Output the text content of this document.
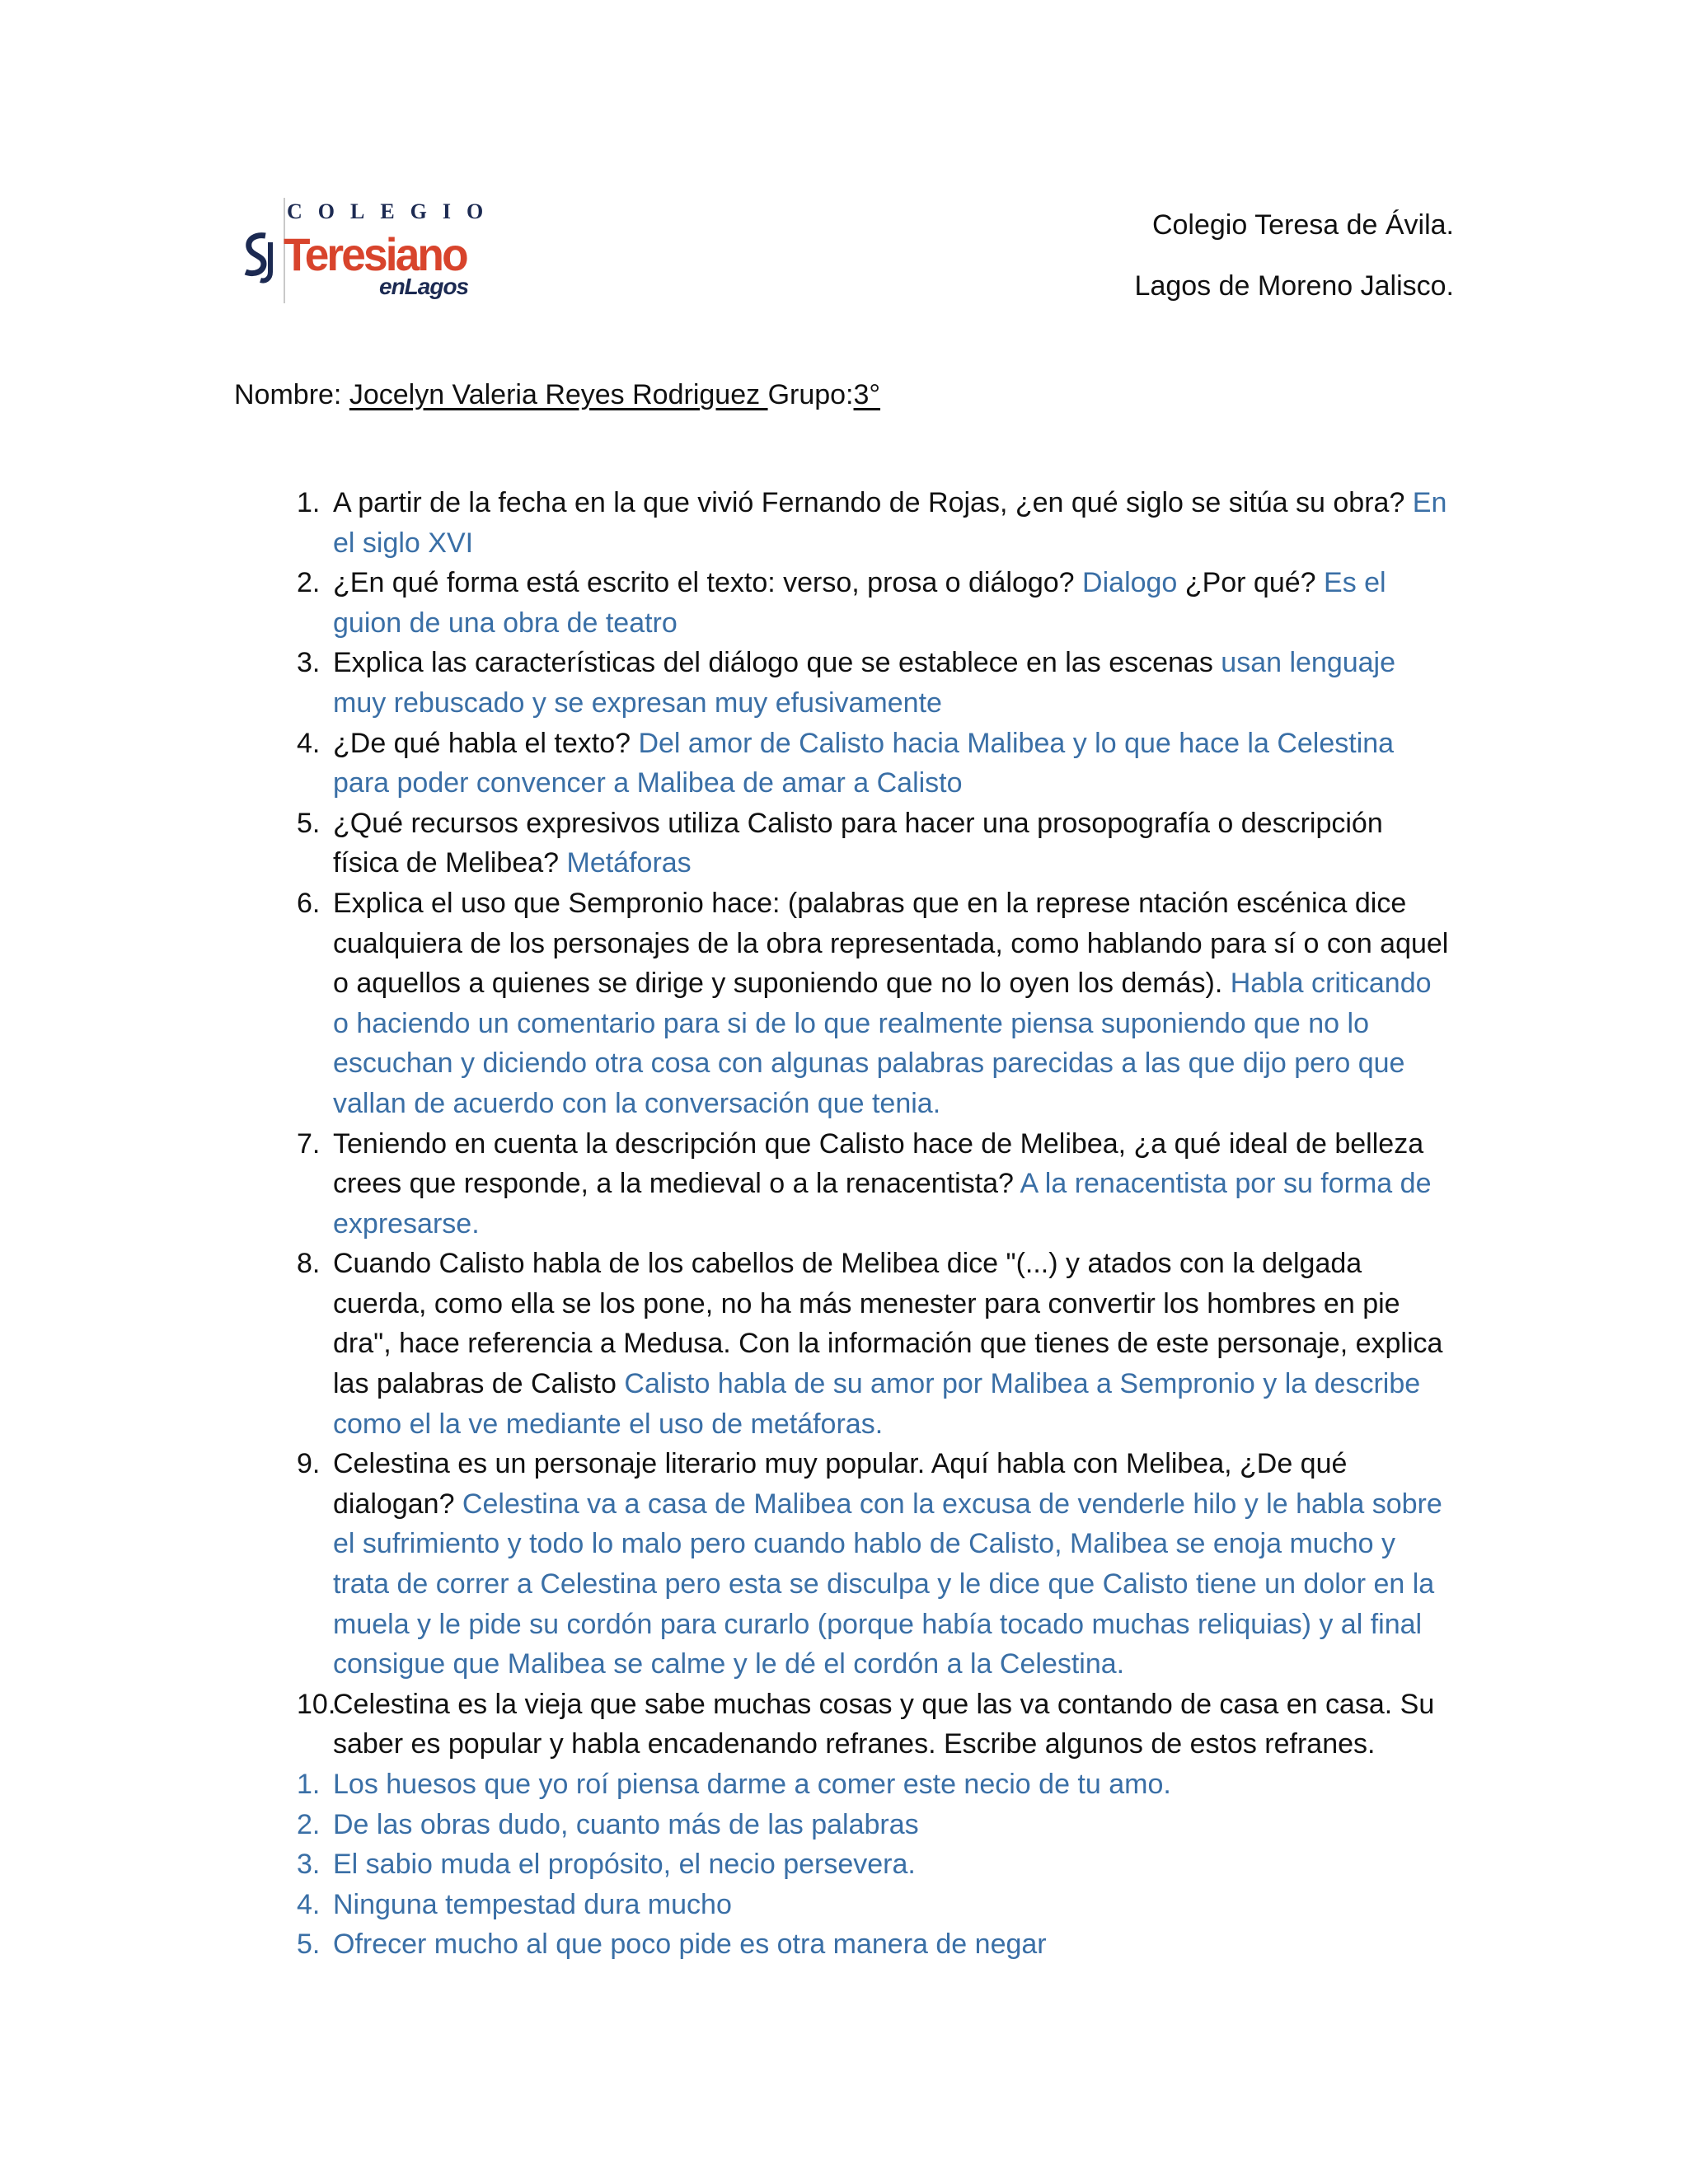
COLEGIO
Teresiano
enLagos
Colegio Teresa de Ávila.
Lagos de Moreno Jalisco.
Nombre: Jocelyn Valeria Reyes Rodriguez Grupo:3°
1. A partir de la fecha en la que vivió Fernando de Rojas, ¿en qué siglo se sitúa su obra? En el siglo XVI
2. ¿En qué forma está escrito el texto: verso, prosa o diálogo? Dialogo ¿Por qué? Es el guion de una obra de teatro
3. Explica las características del diálogo que se establece en las escenas usan lenguaje muy rebuscado y se expresan muy efusivamente
4. ¿De qué habla el texto? Del amor de Calisto hacia Malibea y lo que hace la Celestina para poder convencer a Malibea de amar a Calisto
5. ¿Qué recursos expresivos utiliza Calisto para hacer una prosopografía o descripción física de Melibea? Metáforas
6. Explica el uso que Sempronio hace: (palabras que en la represe ntación escénica dice cualquiera de los personajes de la obra representada, como hablando para sí o con aquel o aquellos a quienes se dirige y suponiendo que no lo oyen los demás). Habla criticando o haciendo un comentario para si de lo que realmente piensa suponiendo que no lo escuchan y diciendo otra cosa con algunas palabras parecidas a las que dijo pero que vallan de acuerdo con la conversación que tenia.
7. Teniendo en cuenta la descripción que Calisto hace de Melibea, ¿a qué ideal de belleza crees que responde, a la medieval o a la renacentista? A la renacentista por su forma de expresarse.
8. Cuando Calisto habla de los cabellos de Melibea dice "(...) y atados con la delgada cuerda, como ella se los pone, no ha más menester para convertir los hombres en pie dra", hace referencia a Medusa. Con la información que tienes de este personaje, explica las palabras de Calisto Calisto habla de su amor por Malibea a Sempronio y la describe como el la ve mediante el uso de metáforas.
9. Celestina es un personaje literario muy popular. Aquí habla con Melibea, ¿De qué dialogan? Celestina va a casa de Malibea con la excusa de venderle hilo y le habla sobre el sufrimiento y todo lo malo pero cuando hablo de Calisto, Malibea se enoja mucho y trata de correr a Celestina pero esta se disculpa y le dice que Calisto tiene un dolor en la muela y le pide su cordón para curarlo (porque había tocado muchas reliquias) y al final consigue que Malibea se calme y le dé el cordón a la Celestina.
10.
Celestina es la vieja que sabe muchas cosas y que las va contando de casa en casa. Su saber es popular y habla encadenando refranes. Escribe algunos de estos refranes.
1. Los huesos que yo roí piensa darme a comer este necio de tu amo.
2. De las obras dudo, cuanto más de las palabras
3. El sabio muda el propósito, el necio persevera.
4. Ninguna tempestad dura mucho
5. Ofrecer mucho al que poco pide es otra manera de negar
